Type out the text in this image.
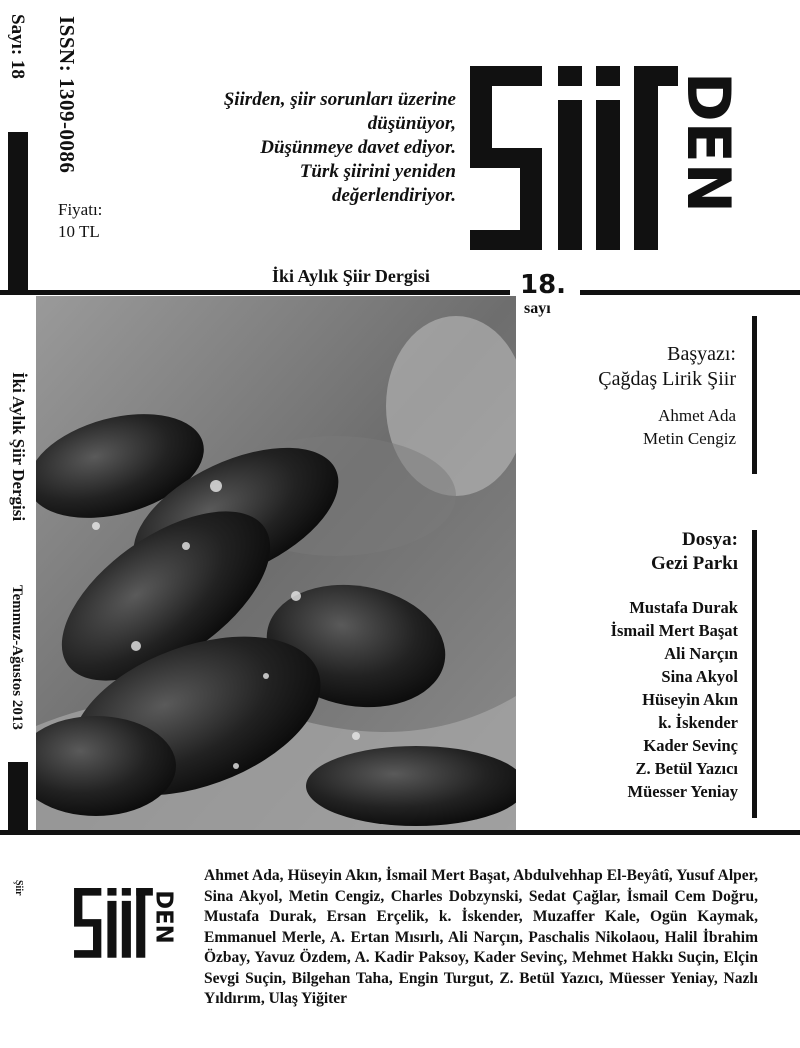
Sayı: 18 ISSN: 1309-0086
İki Aylık Şiir Dergisi
Temmuz-Ağustos 2013
Şiir
Fiyatı:
10 TL
Şiirden, şiir sorunları üzerine
düşünüyor,
Düşünmeye davet ediyor.
Türk şiirini yeniden
değerlendiriyor.	DEN
İki Aylık Şiir Dergisi	18.
sayı
Başyazı:
Çağdaş Lirik Şiir
Ahmet Ada
Metin Cengiz
Dosya:
Gezi Parkı
Mustafa Durak
İsmail Mert Başat
Ali Narçın
Sina Akyol
Hüseyin Akın
k. İskender
Kader Sevinç
Z. Betül Yazıcı
Müesser Yeniay
DEN
Ahmet Ada, Hüseyin Akın, İsmail Mert Başat, Abdulvehhap El-Beyâtî, Yusuf Alper, Sina Akyol, Metin Cengiz, Charles Dobzynski, Sedat Çağlar, İsmail Cem Doğru, Mustafa Durak, Ersan Erçelik, k. İskender, Muzaffer Kale, Ogün Kaymak, Emmanuel Merle, A. Ertan Mısırlı, Ali Narçın, Paschalis Nikolaou, Halil İbrahim Özbay, Yavuz Özdem, A. Kadir Paksoy, Kader Sevinç, Mehmet Hakkı Suçin, Elçin Sevgi Suçin, Bilgehan Taha, Engin Turgut, Z. Betül Yazıcı, Müesser Yeniay, Nazlı Yıldırım, Ulaş Yiğiter
